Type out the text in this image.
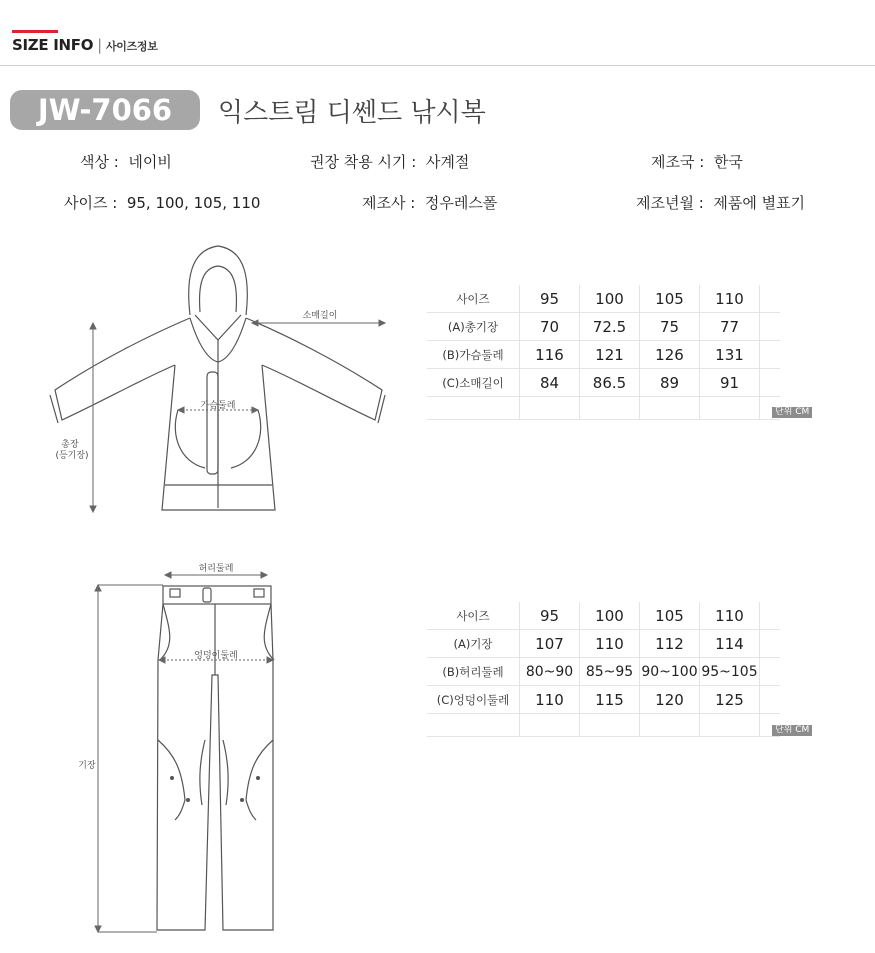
SIZE INFO | 사이즈정보
JW-7066	익스트림 디쎈드 낚시복
색상 : 네이비	권장 착용 시기 : 사계절	제조국 : 한국
사이즈 : 95, 100, 105, 110	제조사 : 정우레스폴	제조년월 : 제품에 별표기
소매길이
가슴둘레
총장
(등기장)
사이즈	95	100	105	110	
(A)총기장	70	72.5	75	77	
(B)가슴둘레	116	121	126	131	
(C)소매길이	84	86.5	89	91	

단위 CM
허리둘레
엉덩이둘레
기장
사이즈	95	100	105	110	
(A)기장	107	110	112	114	
(B)허리둘레	80~90	85~95	90~100	95~105	
(C)엉덩이둘레	110	115	120	125	

단위 CM
